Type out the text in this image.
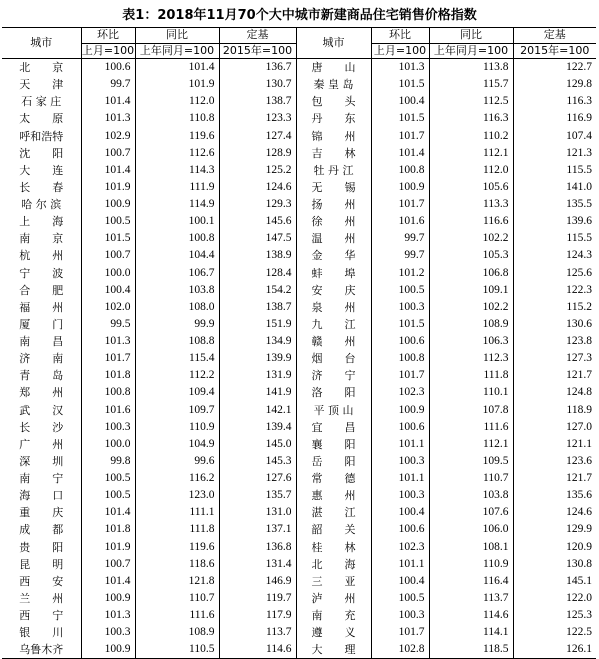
表1：2018年11月70个大中城市新建商品住宅销售价格指数
城市	环比	同比	定基	城市	环比	同比	定基
	上月=100	上年同月=100	2015年=100		上月=100	上年同月=100	2015年=100
北　　京	100.6	101.4	136.7	唐　　山	101.3	113.8	122.7
天　　津	99.7	101.9	130.7	秦 皇 岛	101.5	115.7	129.8
石 家 庄	101.4	112.0	138.7	包　　头	100.4	112.5	116.3
太　　原	101.3	110.8	123.3	丹　　东	101.5	116.3	116.9
呼和浩特	102.9	119.6	127.4	锦　　州	101.7	110.2	107.4
沈　　阳	100.7	112.6	128.9	吉　　林	101.4	112.1	121.3
大　　连	101.4	114.3	125.2	牡 丹 江	100.8	112.0	115.5
长　　春	101.9	111.9	124.6	无　　锡	100.9	105.6	141.0
哈 尔 滨	100.9	114.9	129.3	扬　　州	101.7	113.3	135.5
上　　海	100.5	100.1	145.6	徐　　州	101.6	116.6	139.6
南　　京	101.5	100.8	147.5	温　　州	99.7	102.2	115.5
杭　　州	100.7	104.4	138.9	金　　华	99.7	105.3	124.3
宁　　波	100.0	106.7	128.4	蚌　　埠	101.2	106.8	125.6
合　　肥	100.4	103.8	154.2	安　　庆	100.5	109.1	122.3
福　　州	102.0	108.0	138.7	泉　　州	100.3	102.2	115.2
厦　　门	99.5	99.9	151.9	九　　江	101.5	108.9	130.6
南　　昌	101.3	108.8	134.9	赣　　州	100.6	106.3	123.8
济　　南	101.7	115.4	139.9	烟　　台	100.8	112.3	127.3
青　　岛	101.8	112.2	131.9	济　　宁	101.7	111.8	121.7
郑　　州	100.8	109.4	141.9	洛　　阳	102.3	110.1	124.8
武　　汉	101.6	109.7	142.1	平 顶 山	100.9	107.8	118.9
长　　沙	100.3	110.9	139.4	宜　　昌	100.6	111.6	127.0
广　　州	100.0	104.9	145.0	襄　　阳	101.1	112.1	121.1
深　　圳	99.8	99.6	145.3	岳　　阳	100.3	109.5	123.6
南　　宁	100.5	116.2	127.6	常　　德	101.1	110.7	121.7
海　　口	100.5	123.0	135.7	惠　　州	100.3	103.8	135.6
重　　庆	101.4	111.1	131.0	湛　　江	100.4	107.6	124.6
成　　都	101.8	111.8	137.1	韶　　关	100.6	106.0	129.9
贵　　阳	101.9	119.6	136.8	桂　　林	102.3	108.1	120.9
昆　　明	100.7	118.6	131.4	北　　海	101.1	110.9	130.8
西　　安	101.4	121.8	146.9	三　　亚	100.4	116.4	145.1
兰　　州	100.9	110.7	119.7	泸　　州	100.5	113.7	122.0
西　　宁	101.3	111.6	117.9	南　　充	100.3	114.6	125.3
银　　川	100.3	108.9	113.7	遵　　义	101.7	114.1	122.5
乌鲁木齐	100.9	110.5	114.6	大　　理	102.8	118.5	126.1
